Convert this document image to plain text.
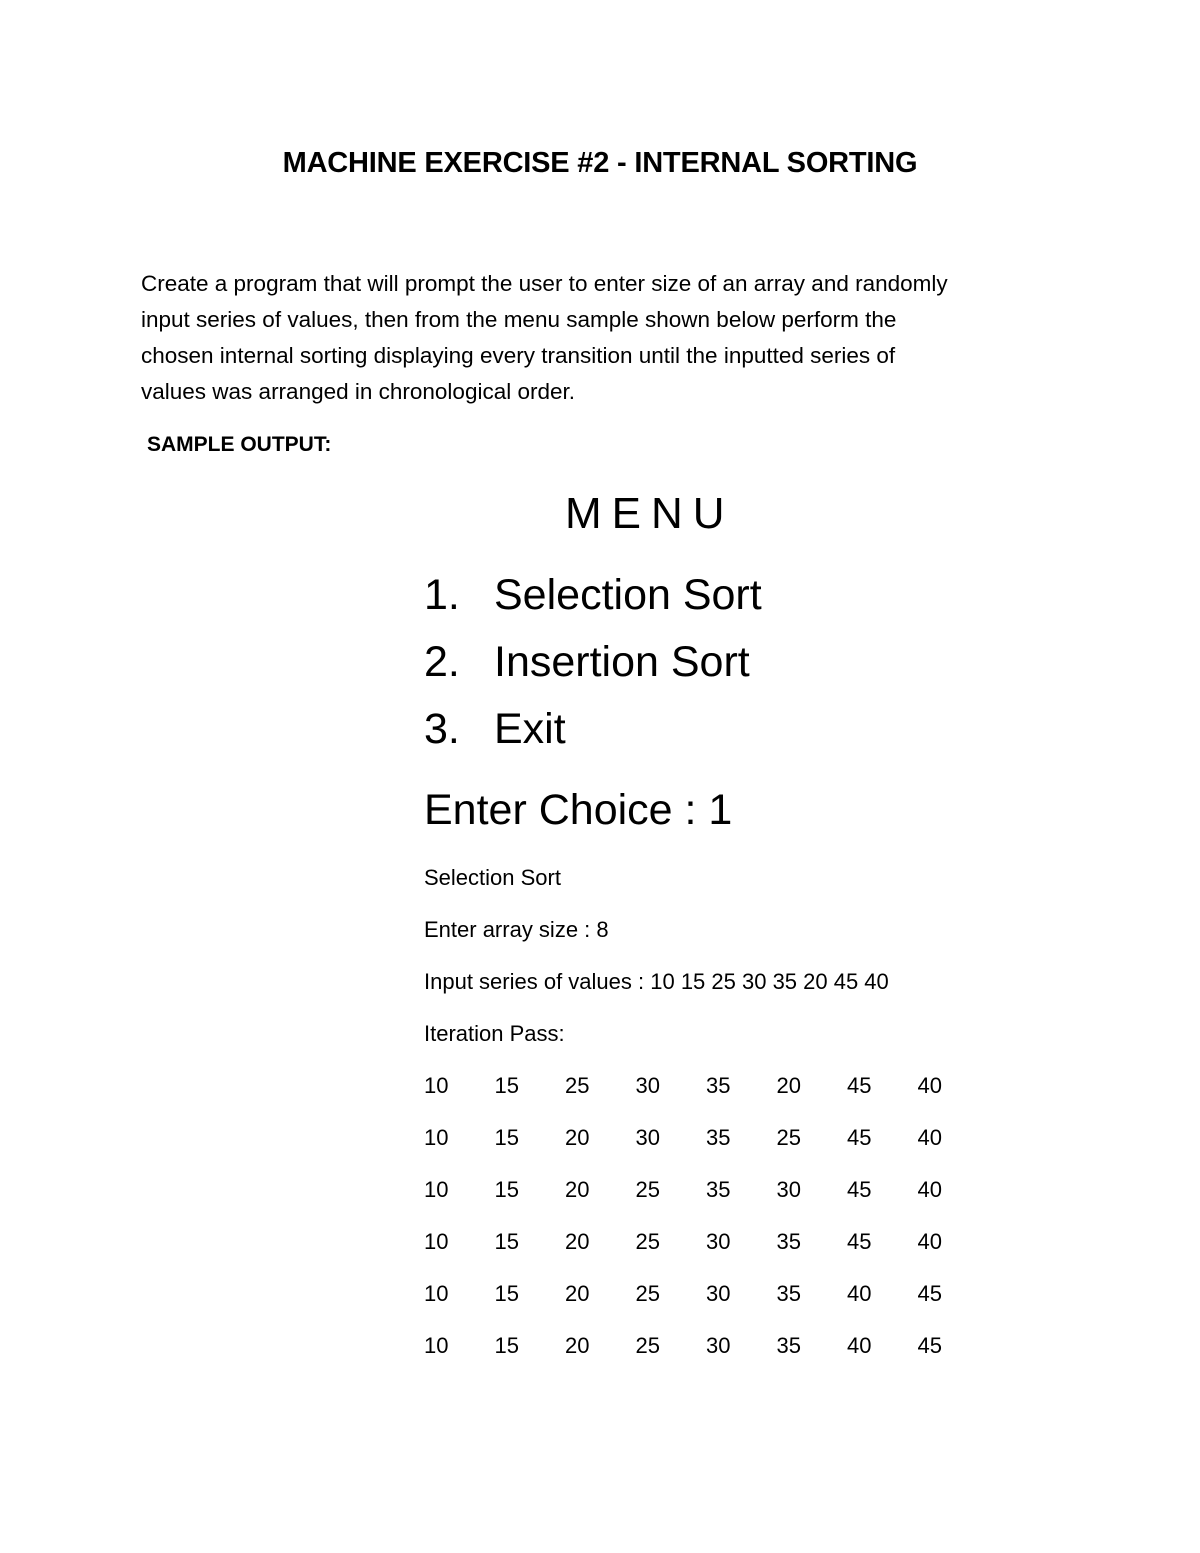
MACHINE EXERCISE #2 - INTERNAL SORTING
Create a program that will prompt the user to enter size of an array and randomly
input series of values, then from the menu sample shown below perform the
chosen internal sorting displaying every transition until the inputted series of
values was arranged in chronological order.
SAMPLE OUTPUT:
MENU
1. Selection Sort
2. Insertion Sort
3. Exit
Enter Choice : 1
Selection Sort
Enter array size : 8
Input series of values : 10 15 25 30 35 20 45 40
Iteration Pass:
10	15	25	30	35	20	45	40
10	15	20	30	35	25	45	40
10	15	20	25	35	30	45	40
10	15	20	25	30	35	45	40
10	15	20	25	30	35	40	45
10	15	20	25	30	35	40	45
